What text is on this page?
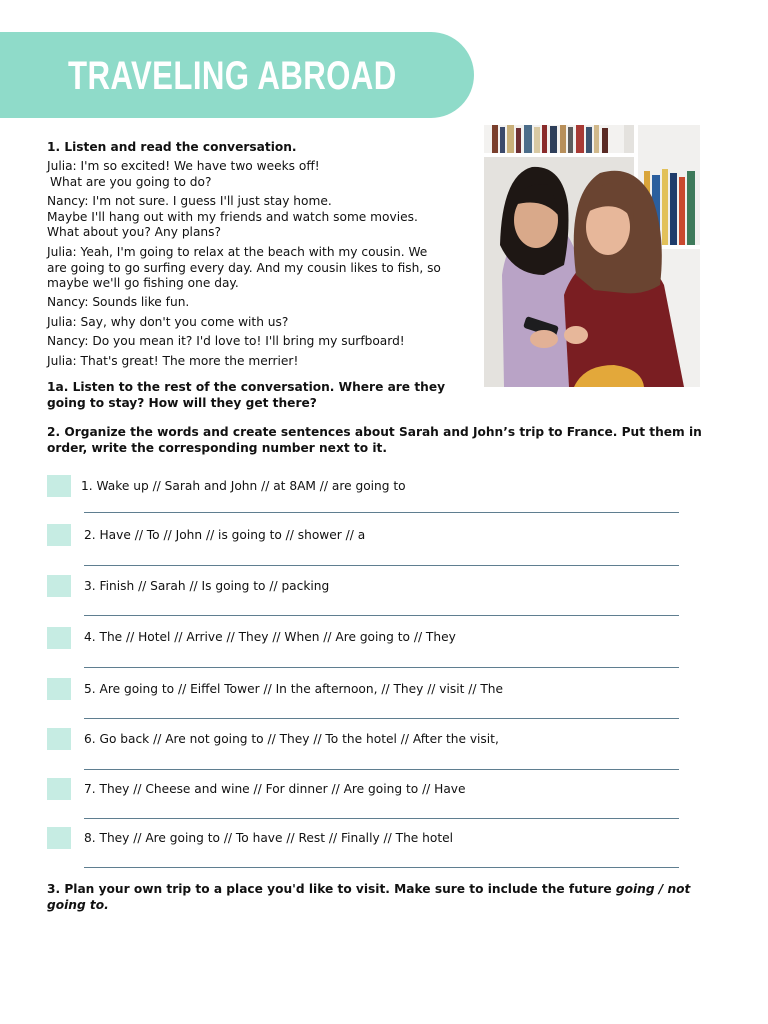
TRAVELING ABROAD
1. Listen and read the conversation.
Julia: I'm so excited! We have two weeks off!
What are you going to do?
Nancy: I'm not sure. I guess I'll just stay home.
Maybe I'll hang out with my friends and watch some movies.
What about you? Any plans?
Julia: Yeah, I'm going to relax at the beach with my cousin. We
are going to go surfing every day. And my cousin likes to fish, so
maybe we'll go fishing one day.
Nancy: Sounds like fun.
Julia: Say, why don't you come with us?
Nancy: Do you mean it? I'd love to! I'll bring my surfboard!
Julia: That's great! The more the merrier!
1a. Listen to the rest of the conversation. Where are they
going to stay? How will they get there?
2. Organize the words and create sentences about Sarah and John’s trip to France. Put them in
order, write the corresponding number next to it.
1. Wake up // Sarah and John // at 8AM // are going to
2. Have // To // John // is going to // shower // a
3. Finish // Sarah // Is going to // packing
4. The // Hotel // Arrive // They // When // Are going to // They
5. Are going to // Eiffel Tower // In the afternoon, // They // visit // The
6. Go back // Are not going to // They // To the hotel // After the visit,
7. They // Cheese and wine // For dinner // Are going to // Have
8. They // Are going to // To have // Rest // Finally // The hotel
3. Plan your own trip to a place you'd like to visit. Make sure to include the future going / not going to.
